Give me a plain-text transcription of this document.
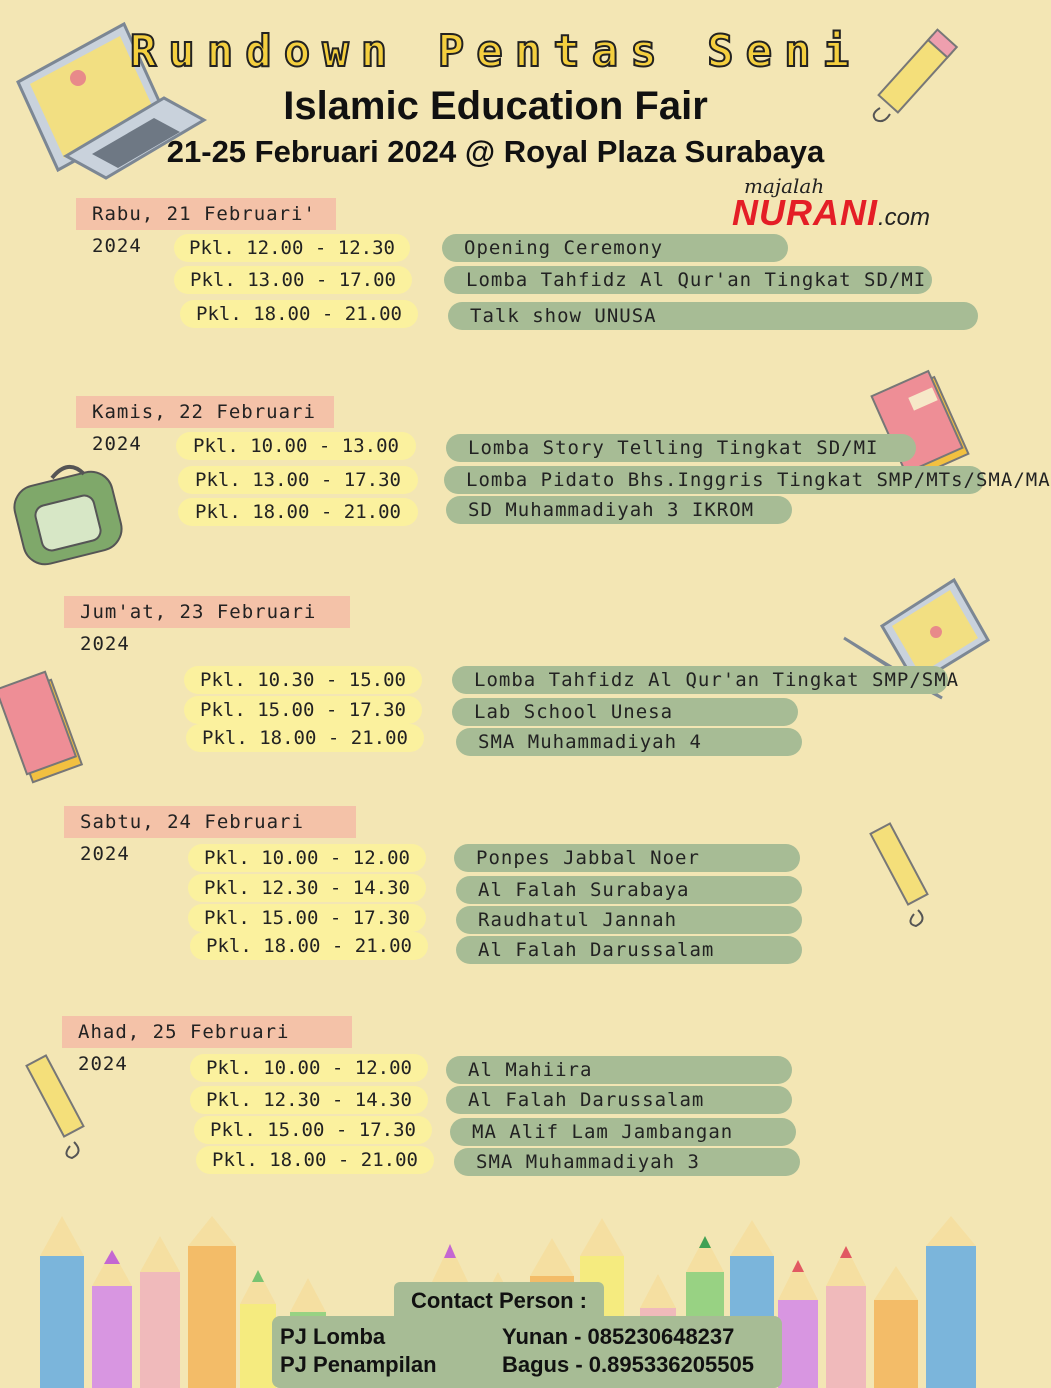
Rundown Pentas Seni
Islamic Education Fair
21-25 Februari 2024 @ Royal Plaza Surabaya
majalah
NURANI.com
Rabu, 21 Februari' 2024	Pkl. 12.00 - 12.30	Opening Ceremony
Pkl. 13.00 - 17.00	Lomba Tahfidz Al Qur'an Tingkat SD/MI
Pkl. 18.00 - 21.00	Talk show UNUSA
Kamis, 22 Februari 2024	Pkl. 10.00 - 13.00	Lomba Story Telling Tingkat SD/MI
Pkl. 13.00 - 17.30	Lomba Pidato Bhs.Inggris Tingkat SMP/MTs/SMA/MA
Pkl. 18.00 - 21.00	SD Muhammadiyah 3 IKROM
Jum'at, 23 Februari 2024
Pkl. 10.30 - 15.00	Lomba Tahfidz Al Qur'an Tingkat SMP/SMA
Pkl. 15.00 - 17.30	Lab School Unesa
Pkl. 18.00 - 21.00	SMA Muhammadiyah 4
Sabtu, 24 Februari 2024	Pkl. 10.00 - 12.00	Ponpes Jabbal Noer
Pkl. 12.30 - 14.30	Al Falah Surabaya
Pkl. 15.00 - 17.30	Raudhatul Jannah
Pkl. 18.00 - 21.00	Al Falah Darussalam
Ahad, 25 Februari 2024	Pkl. 10.00 - 12.00	Al Mahiira
Pkl. 12.30 - 14.30	Al Falah Darussalam
Pkl. 15.00 - 17.30	MA Alif Lam Jambangan
Pkl. 18.00 - 21.00	SMA Muhammadiyah 3
Contact Person :
PJ Lomba	Yunan - 085230648237
PJ Penampilan	Bagus - 0.895336205505
